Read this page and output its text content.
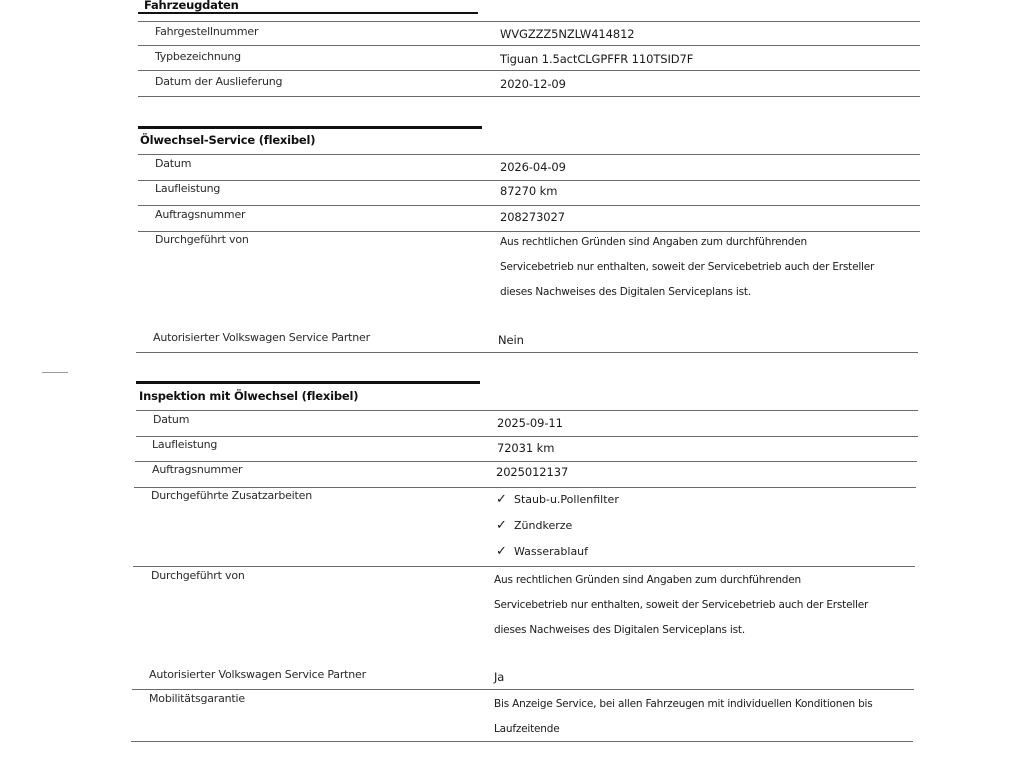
Fahrzeugdaten
Fahrgestellnummer	WVGZZZ5NZLW414812
Typbezeichnung	Tiguan 1.5actCLGPFFR 110TSID7F
Datum der Auslieferung	2020-12-09
Ölwechsel-Service (flexibel)
Datum	2026-04-09
Laufleistung	87270 km
Auftragsnummer	208273027
Durchgeführt von	Aus rechtlichen Gründen sind Angaben zum durchführenden
Servicebetrieb nur enthalten, soweit der Servicebetrieb auch der Ersteller
dieses Nachweises des Digitalen Serviceplans ist.
Autorisierter Volkswagen Service Partner	Nein
Inspektion mit Ölwechsel (flexibel)
Datum	2025-09-11
Laufleistung	72031 km
Auftragsnummer	2025012137
Durchgeführte Zusatzarbeiten	✓ Staub-u.Pollenfilter
✓ Zündkerze
✓ Wasserablauf
Durchgeführt von	Aus rechtlichen Gründen sind Angaben zum durchführenden
Servicebetrieb nur enthalten, soweit der Servicebetrieb auch der Ersteller
dieses Nachweises des Digitalen Serviceplans ist.
Autorisierter Volkswagen Service Partner	Ja
Mobilitätsgarantie	Bis Anzeige Service, bei allen Fahrzeugen mit individuellen Konditionen bis
Laufzeitende
